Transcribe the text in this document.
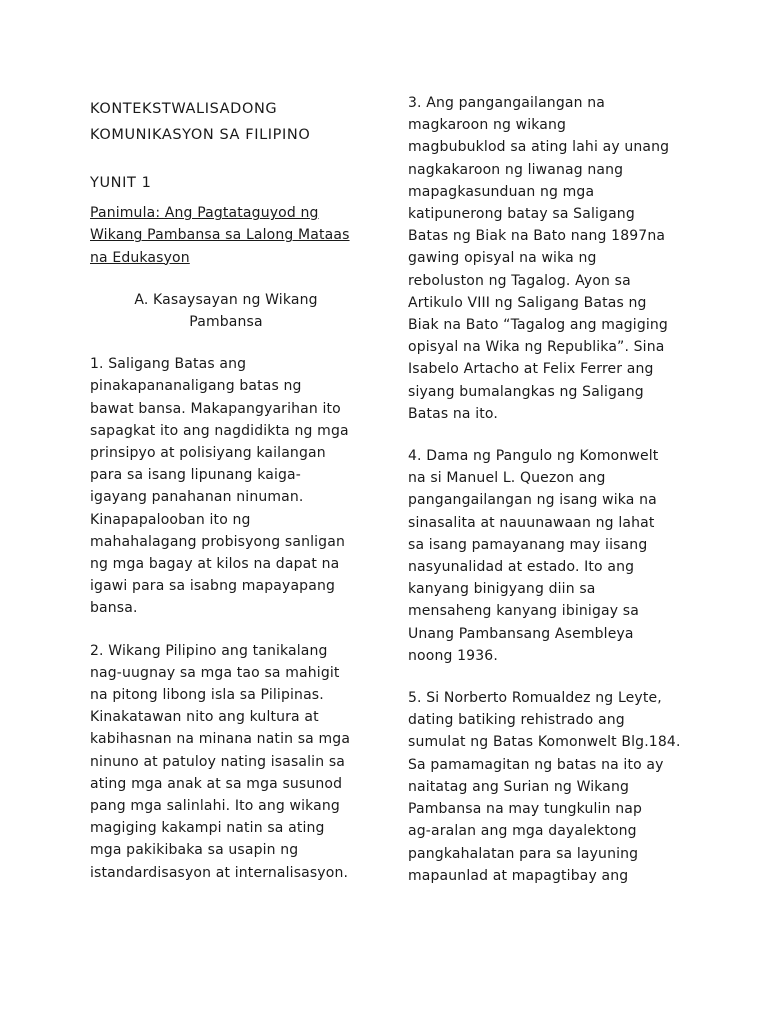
KONTEKSTWALISADONG
KOMUNIKASYON SA FILIPINO
YUNIT 1
Panimula: Ang Pagtataguyod ng
Wikang Pambansa sa Lalong Mataas
na Edukasyon
A. Kasaysayan ng Wikang
Pambansa
1. Saligang Batas ang
pinakapananaligang batas ng
bawat bansa. Makapangyarihan ito
sapagkat ito ang nagdidikta ng mga
prinsipyo at polisiyang kailangan
para sa isang lipunang kaiga-
igayang panahanan ninuman.
Kinapapalooban ito ng
mahahalagang probisyong sanligan
ng mga bagay at kilos na dapat na
igawi para sa isabng mapayapang
bansa.
2. Wikang Pilipino ang tanikalang
nag-uugnay sa mga tao sa mahigit
na pitong libong isla sa Pilipinas.
Kinakatawan nito ang kultura at
kabihasnan na minana natin sa mga
ninuno at patuloy nating isasalin sa
ating mga anak at sa mga susunod
pang mga salinlahi. Ito ang wikang
magiging kakampi natin sa ating
mga pakikibaka sa usapin ng
istandardisasyon at internalisasyon.
3. Ang pangangailangan na
magkaroon ng wikang
magbubuklod sa ating lahi ay unang
nagkakaroon ng liwanag nang
mapagkasunduan ng mga
katipunerong batay sa Saligang
Batas ng Biak na Bato nang 1897na
gawing opisyal na wika ng
reboluston ng Tagalog. Ayon sa
Artikulo VIII ng Saligang Batas ng
Biak na Bato “Tagalog ang magiging
opisyal na Wika ng Republika”. Sina
Isabelo Artacho at Felix Ferrer ang
siyang bumalangkas ng Saligang
Batas na ito.
4. Dama ng Pangulo ng Komonwelt
na si Manuel L. Quezon ang
pangangailangan ng isang wika na
sinasalita at nauunawaan ng lahat
sa isang pamayanang may iisang
nasyunalidad at estado. Ito ang
kanyang binigyang diin sa
mensaheng kanyang ibinigay sa
Unang Pambansang Asembleya
noong 1936.
5. Si Norberto Romualdez ng Leyte,
dating batiking rehistrado ang
sumulat ng Batas Komonwelt Blg.184.
Sa pamamagitan ng batas na ito ay
naitatag ang Surian ng Wikang
Pambansa na may tungkulin nap
ag-aralan ang mga dayalektong
pangkahalatan para sa layuning
mapaunlad at mapagtibay ang
